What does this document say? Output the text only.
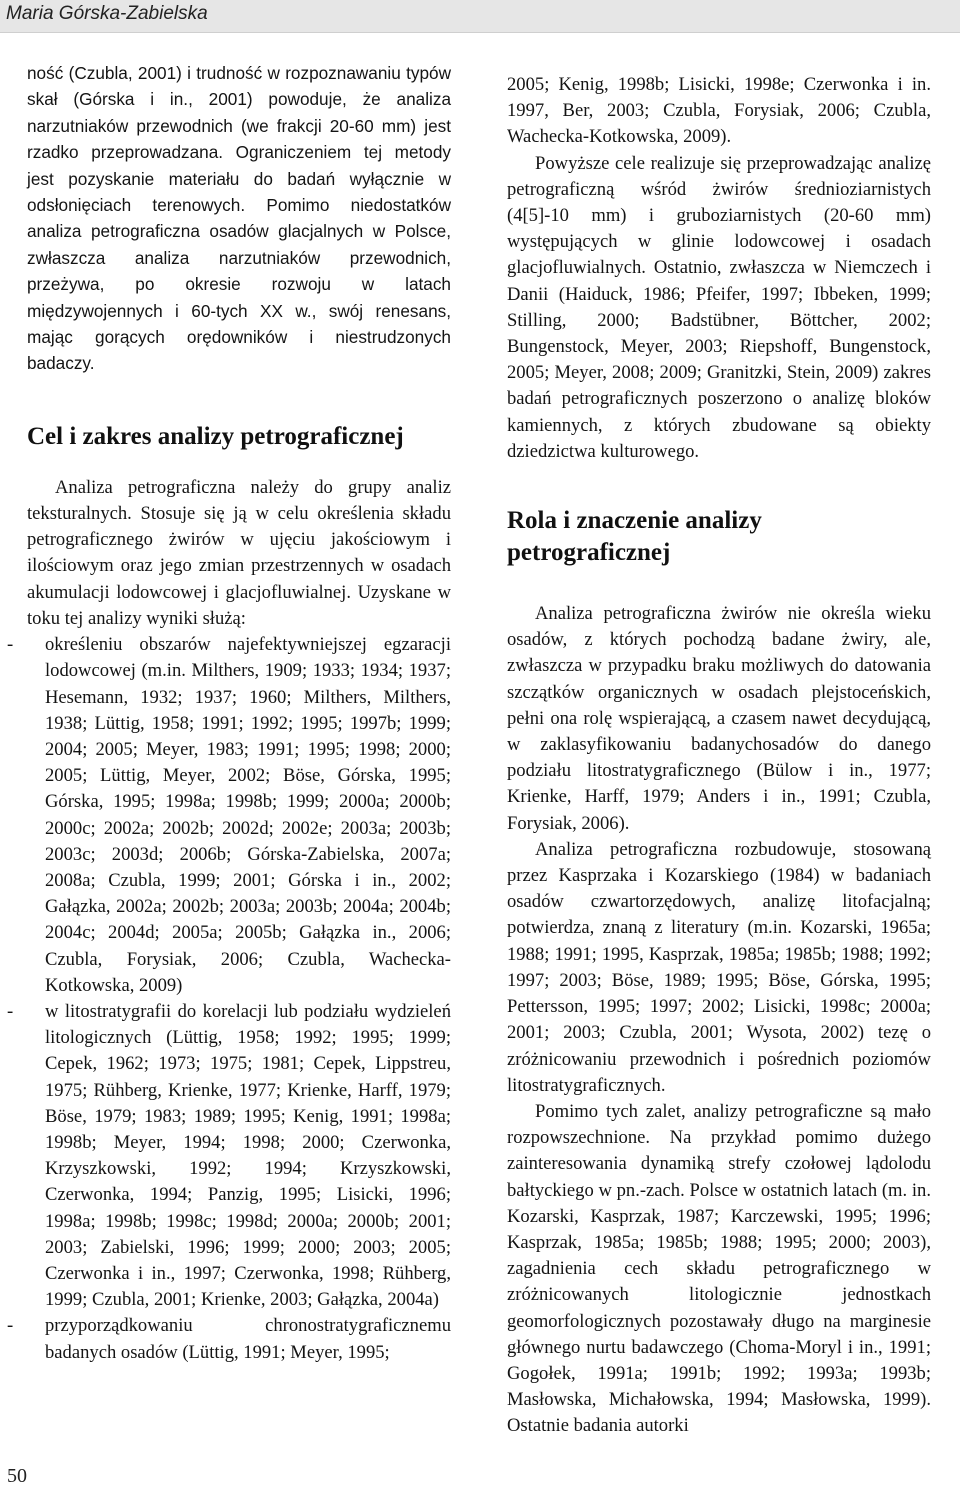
Maria Górska-Zabielska

ność (Czubla, 2001) i trudność w rozpoznawaniu typów skał (Górska i in., 2001) powoduje, że analiza narzutniaków przewodnich (we frakcji 20-60 mm) jest rzadko przeprowadzana. Ograniczeniem tej metody jest pozyskanie materiału do badań wyłącznie w odsłonięciach terenowych. Pomimo niedostatków analiza petrograficzna osadów glacjalnych w Polsce, zwłaszcza analiza narzutniaków przewodnich, przeżywa, po okresie rozwoju w latach międzywojennych i 60-tych XX w., swój renesans, mając gorących orędowników i niestrudzonych badaczy.

Cel i zakres analizy petrograficznej

Analiza petrograficzna należy do grupy analiz teksturalnych. Stosuje się ją w celu określenia składu petrograficznego żwirów w ujęciu jakościowym i ilościowym oraz jego zmian przestrzennych w osadach akumulacji lodowcowej i glacjofluwialnej. Uzyskane w toku tej analizy wyniki służą:

- określeniu obszarów najefektywniejszej egzaracji lodowcowej (m.in. Milthers, 1909; 1933; 1934; 1937; Hesemann, 1932; 1937; 1960; Milthers, Milthers, 1938; Lüttig, 1958; 1991; 1992; 1995; 1997b; 1999; 2004; 2005; Meyer, 1983; 1991; 1995; 1998; 2000; 2005; Lüttig, Meyer, 2002; Böse, Górska, 1995; Górska, 1995; 1998a; 1998b; 1999; 2000a; 2000b; 2000c; 2002a; 2002b; 2002d; 2002e; 2003a; 2003b; 2003c; 2003d; 2006b; Górska-Zabielska, 2007a; 2008a; Czubla, 1999; 2001; Górska i in., 2002; Gałązka, 2002a; 2002b; 2003a; 2003b; 2004a; 2004b; 2004c; 2004d; 2005a; 2005b; Gałązka in., 2006; Czubla, Forysiak, 2006; Czubla, Wachecka-Kotkowska, 2009)
- w litostratygrafii do korelacji lub podziału wydzieleń litologicznych (Lüttig, 1958; 1992; 1995; 1999; Cepek, 1962; 1973; 1975; 1981; Cepek, Lippstreu, 1975; Rühberg, Krienke, 1977; Krienke, Harff, 1979; Böse, 1979; 1983; 1989; 1995; Kenig, 1991; 1998a; 1998b; Meyer, 1994; 1998; 2000; Czerwonka, Krzyszkowski, 1992; 1994; Krzyszkowski, Czerwonka, 1994; Panzig, 1995; Lisicki, 1996; 1998a; 1998b; 1998c; 1998d; 2000a; 2000b; 2001; 2003; Zabielski, 1996; 1999; 2000; 2003; 2005; Czerwonka i in., 1997; Czerwonka, 1998; Rühberg, 1999; Czubla, 2001; Krienke, 2003; Gałązka, 2004a)
- przyporządkowaniu chronostratygraficznemu badanych osadów (Lüttig, 1991; Meyer, 1995;

2005; Kenig, 1998b; Lisicki, 1998e; Czerwonka i in. 1997, Ber, 2003; Czubla, Forysiak, 2006; Czubla, Wachecka-Kotkowska, 2009).

Powyższe cele realizuje się przeprowadzając analizę petrograficzną wśród żwirów średnioziarnistych (4[5]-10 mm) i gruboziarnistych (20-60 mm) występujących w glinie lodowcowej i osadach glacjofluwialnych. Ostatnio, zwłaszcza w Niemczech i Danii (Haiduck, 1986; Pfeifer, 1997; Ibbeken, 1999; Stilling, 2000; Badstübner, Böttcher, 2002; Bungenstock, Meyer, 2003; Riepshoff, Bungenstock, 2005; Meyer, 2008; 2009; Granitzki, Stein, 2009) zakres badań petrograficznych poszerzono o analizę bloków kamiennych, z których zbudowane są obiekty dziedzictwa kulturowego.

Rola i znaczenie analizy petrograficznej

Analiza petrograficzna żwirów nie określa wieku osadów, z których pochodzą badane żwiry, ale, zwłaszcza w przypadku braku możliwych do datowania szczątków organicznych w osadach plejstoceńskich, pełni ona rolę wspierającą, a czasem nawet decydującą, w zaklasyfikowaniu badanychosadów do danego podziału litostratygraficznego (Bülow i in., 1977; Krienke, Harff, 1979; Anders i in., 1991; Czubla, Forysiak, 2006).

Analiza petrograficzna rozbudowuje, stosowaną przez Kasprzaka i Kozarskiego (1984) w badaniach osadów czwartorzędowych, analizę litofacjalną; potwierdza, znaną z literatury (m.in. Kozarski, 1965a; 1988; 1991; 1995, Kasprzak, 1985a; 1985b; 1988; 1992; 1997; 2003; Böse, 1989; 1995; Böse, Górska, 1995; Pettersson, 1995; 1997; 2002; Lisicki, 1998c; 2000a; 2001; 2003; Czubla, 2001; Wysota, 2002) tezę o zróżnicowaniu przewodnich i pośrednich poziomów litostratygraficznych.

Pomimo tych zalet, analizy petrograficzne są mało rozpowszechnione. Na przykład pomimo dużego zainteresowania dynamiką strefy czołowej lądolodu bałtyckiego w pn.-zach. Polsce w ostatnich latach (m. in. Kozarski, Kasprzak, 1987; Karczewski, 1995; 1996; Kasprzak, 1985a; 1985b; 1988; 1995; 2000; 2003), zagadnienia cech składu petrograficznego w zróżnicowanych litologicznie jednostkach geomorfologicznych pozostawały długo na marginesie głównego nurtu badawczego (Choma-Moryl i in., 1991; Gogołek, 1991a; 1991b; 1992; 1993a; 1993b; Masłowska, Michałowska, 1994; Masłowska, 1999). Ostatnie badania autorki

50
